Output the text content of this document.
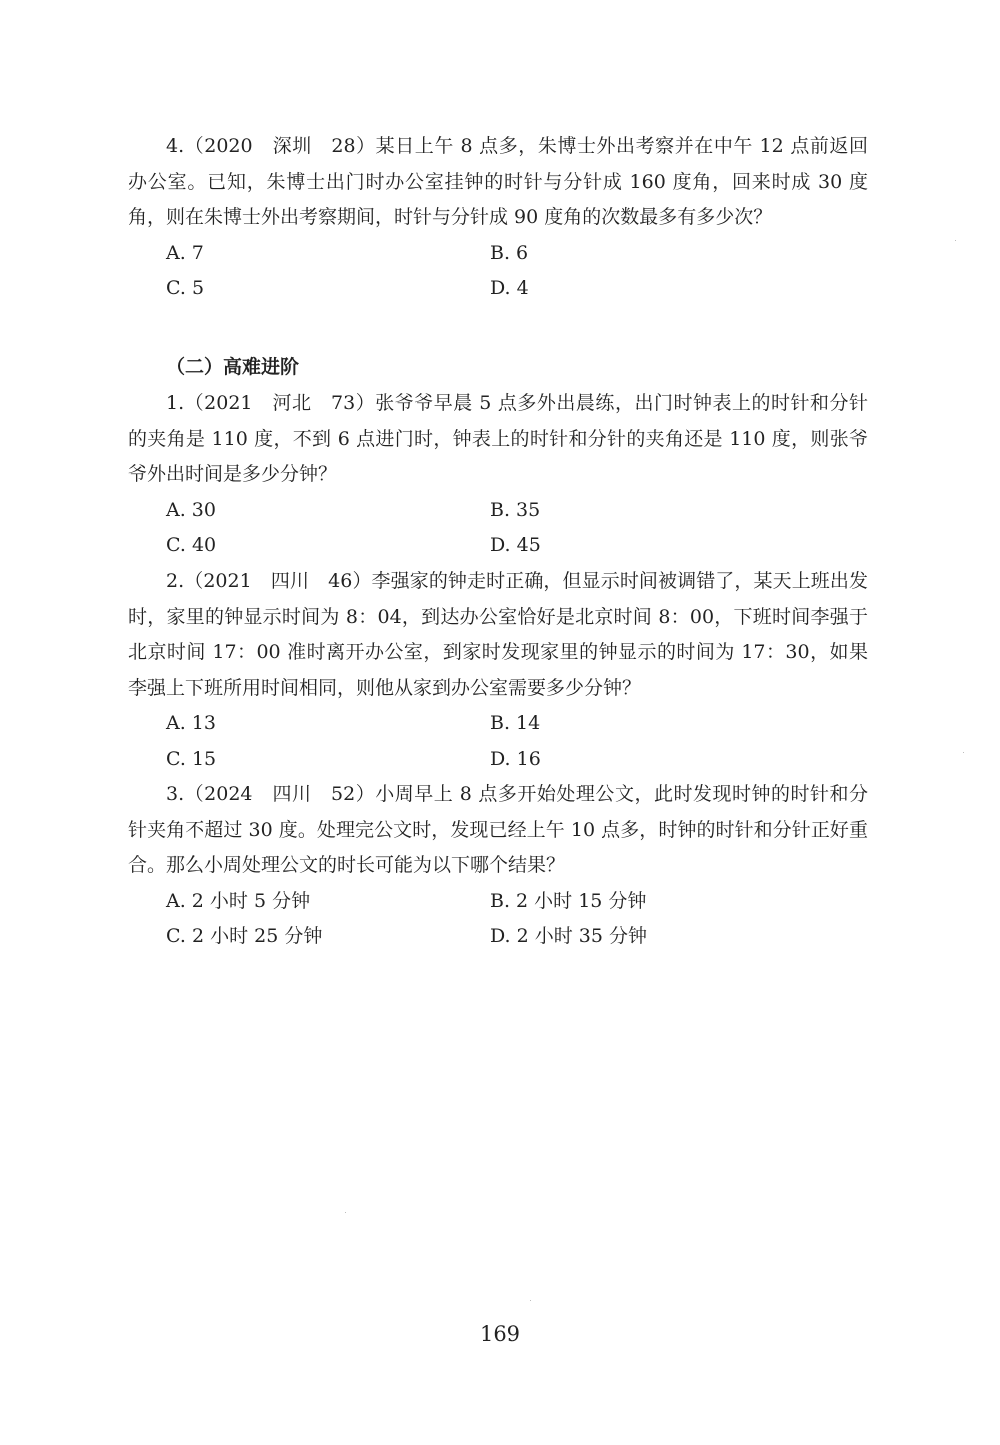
4.（2020　深圳　28）某日上午 8 点多，朱博士外出考察并在中午 12 点前返回办公室。已知，朱博士出门时办公室挂钟的时针与分针成 160 度角，回来时成 30 度角，则在朱博士外出考察期间，时针与分针成 90 度角的次数最多有多少次？

A. 7	B. 6
C. 5	D. 4
（二）高难进阶

1.（2021　河北　73）张爷爷早晨 5 点多外出晨练，出门时钟表上的时针和分针的夹角是 110 度，不到 6 点进门时，钟表上的时针和分针的夹角还是 110 度，则张爷爷外出时间是多少分钟？

A. 30	B. 35
C. 40	D. 45

2.（2021　四川　46）李强家的钟走时正确，但显示时间被调错了，某天上班出发时，家里的钟显示时间为 8：04，到达办公室恰好是北京时间 8：00，下班时间李强于北京时间 17：00 准时离开办公室，到家时发现家里的钟显示的时间为 17：30，如果李强上下班所用时间相同，则他从家到办公室需要多少分钟？

A. 13	B. 14
C. 15	D. 16

3.（2024　四川　52）小周早上 8 点多开始处理公文，此时发现时钟的时针和分针夹角不超过 30 度。处理完公文时，发现已经上午 10 点多，时钟的时针和分针正好重合。那么小周处理公文的时长可能为以下哪个结果？

A. 2 小时 5 分钟	B. 2 小时 15 分钟
C. 2 小时 25 分钟	D. 2 小时 35 分钟
169
